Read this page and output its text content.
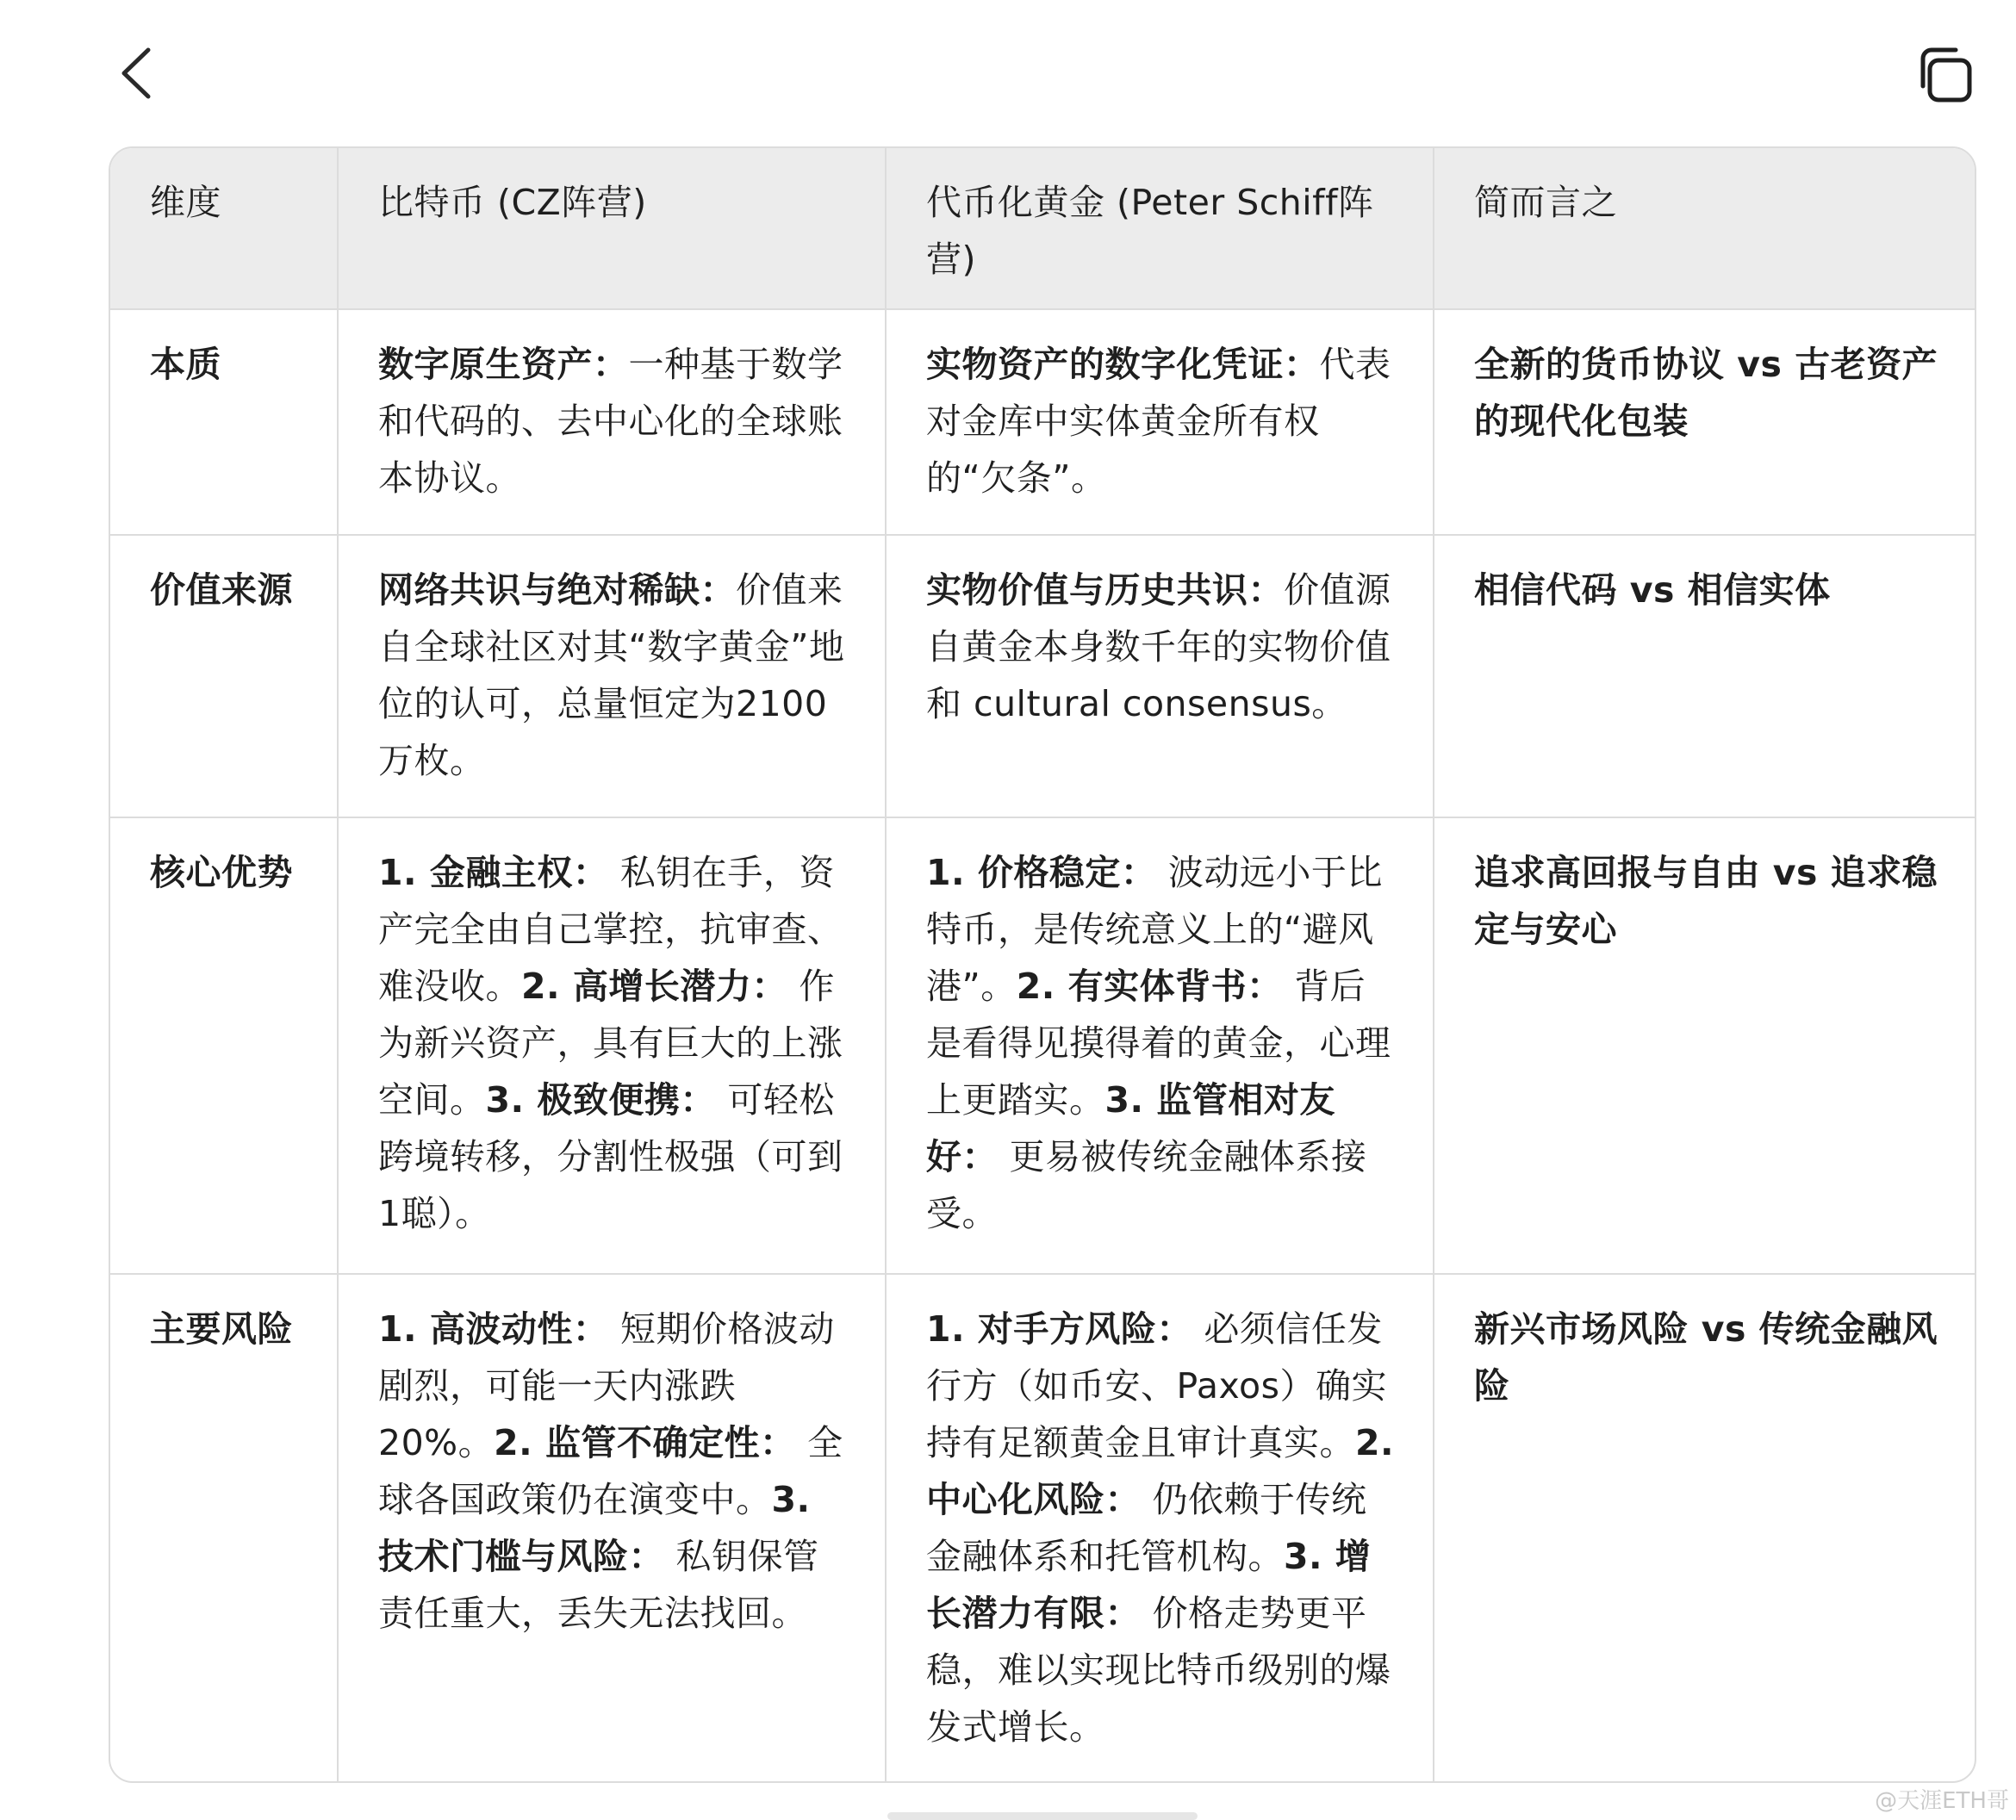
维度	比特币 (CZ阵营)	代币化黄金 (Peter Schiff阵营)	简而言之
本质	数字原生资产：一种基于数学和代码的、去中心化的全球账本协议。	实物资产的数字化凭证：代表对金库中实体黄金所有权的“欠条”。	全新的货币协议 vs 古老资产的现代化包装
价值来源	网络共识与绝对稀缺：价值来自全球社区对其“数字黄金”地位的认可，总量恒定为2100万枚。	实物价值与历史共识：价值源自黄金本身数千年的实物价值和 cultural consensus。	相信代码 vs 相信实体
核心优势	1. 金融主权： 私钥在手，资产完全由自己掌控，抗审查、难没收。2. 高增长潜力： 作为新兴资产，具有巨大的上涨空间。3. 极致便携： 可轻松跨境转移，分割性极强（可到1聪）。	1. 价格稳定： 波动远小于比特币，是传统意义上的“避风港”。2. 有实体背书： 背后是看得见摸得着的黄金，心理上更踏实。3. 监管相对友好： 更易被传统金融体系接受。	追求高回报与自由 vs 追求稳定与安心
主要风险	1. 高波动性： 短期价格波动剧烈，可能一天内涨跌20%。2. 监管不确定性： 全球各国政策仍在演变中。3. 技术门槛与风险： 私钥保管责任重大，丢失无法找回。	1. 对手方风险： 必须信任发行方（如币安、Paxos）确实持有足额黄金且审计真实。2. 中心化风险： 仍依赖于传统金融体系和托管机构。3. 增长潜力有限： 价格走势更平稳，难以实现比特币级别的爆发式增长。	新兴市场风险 vs 传统金融风险
@天涯ETH哥
